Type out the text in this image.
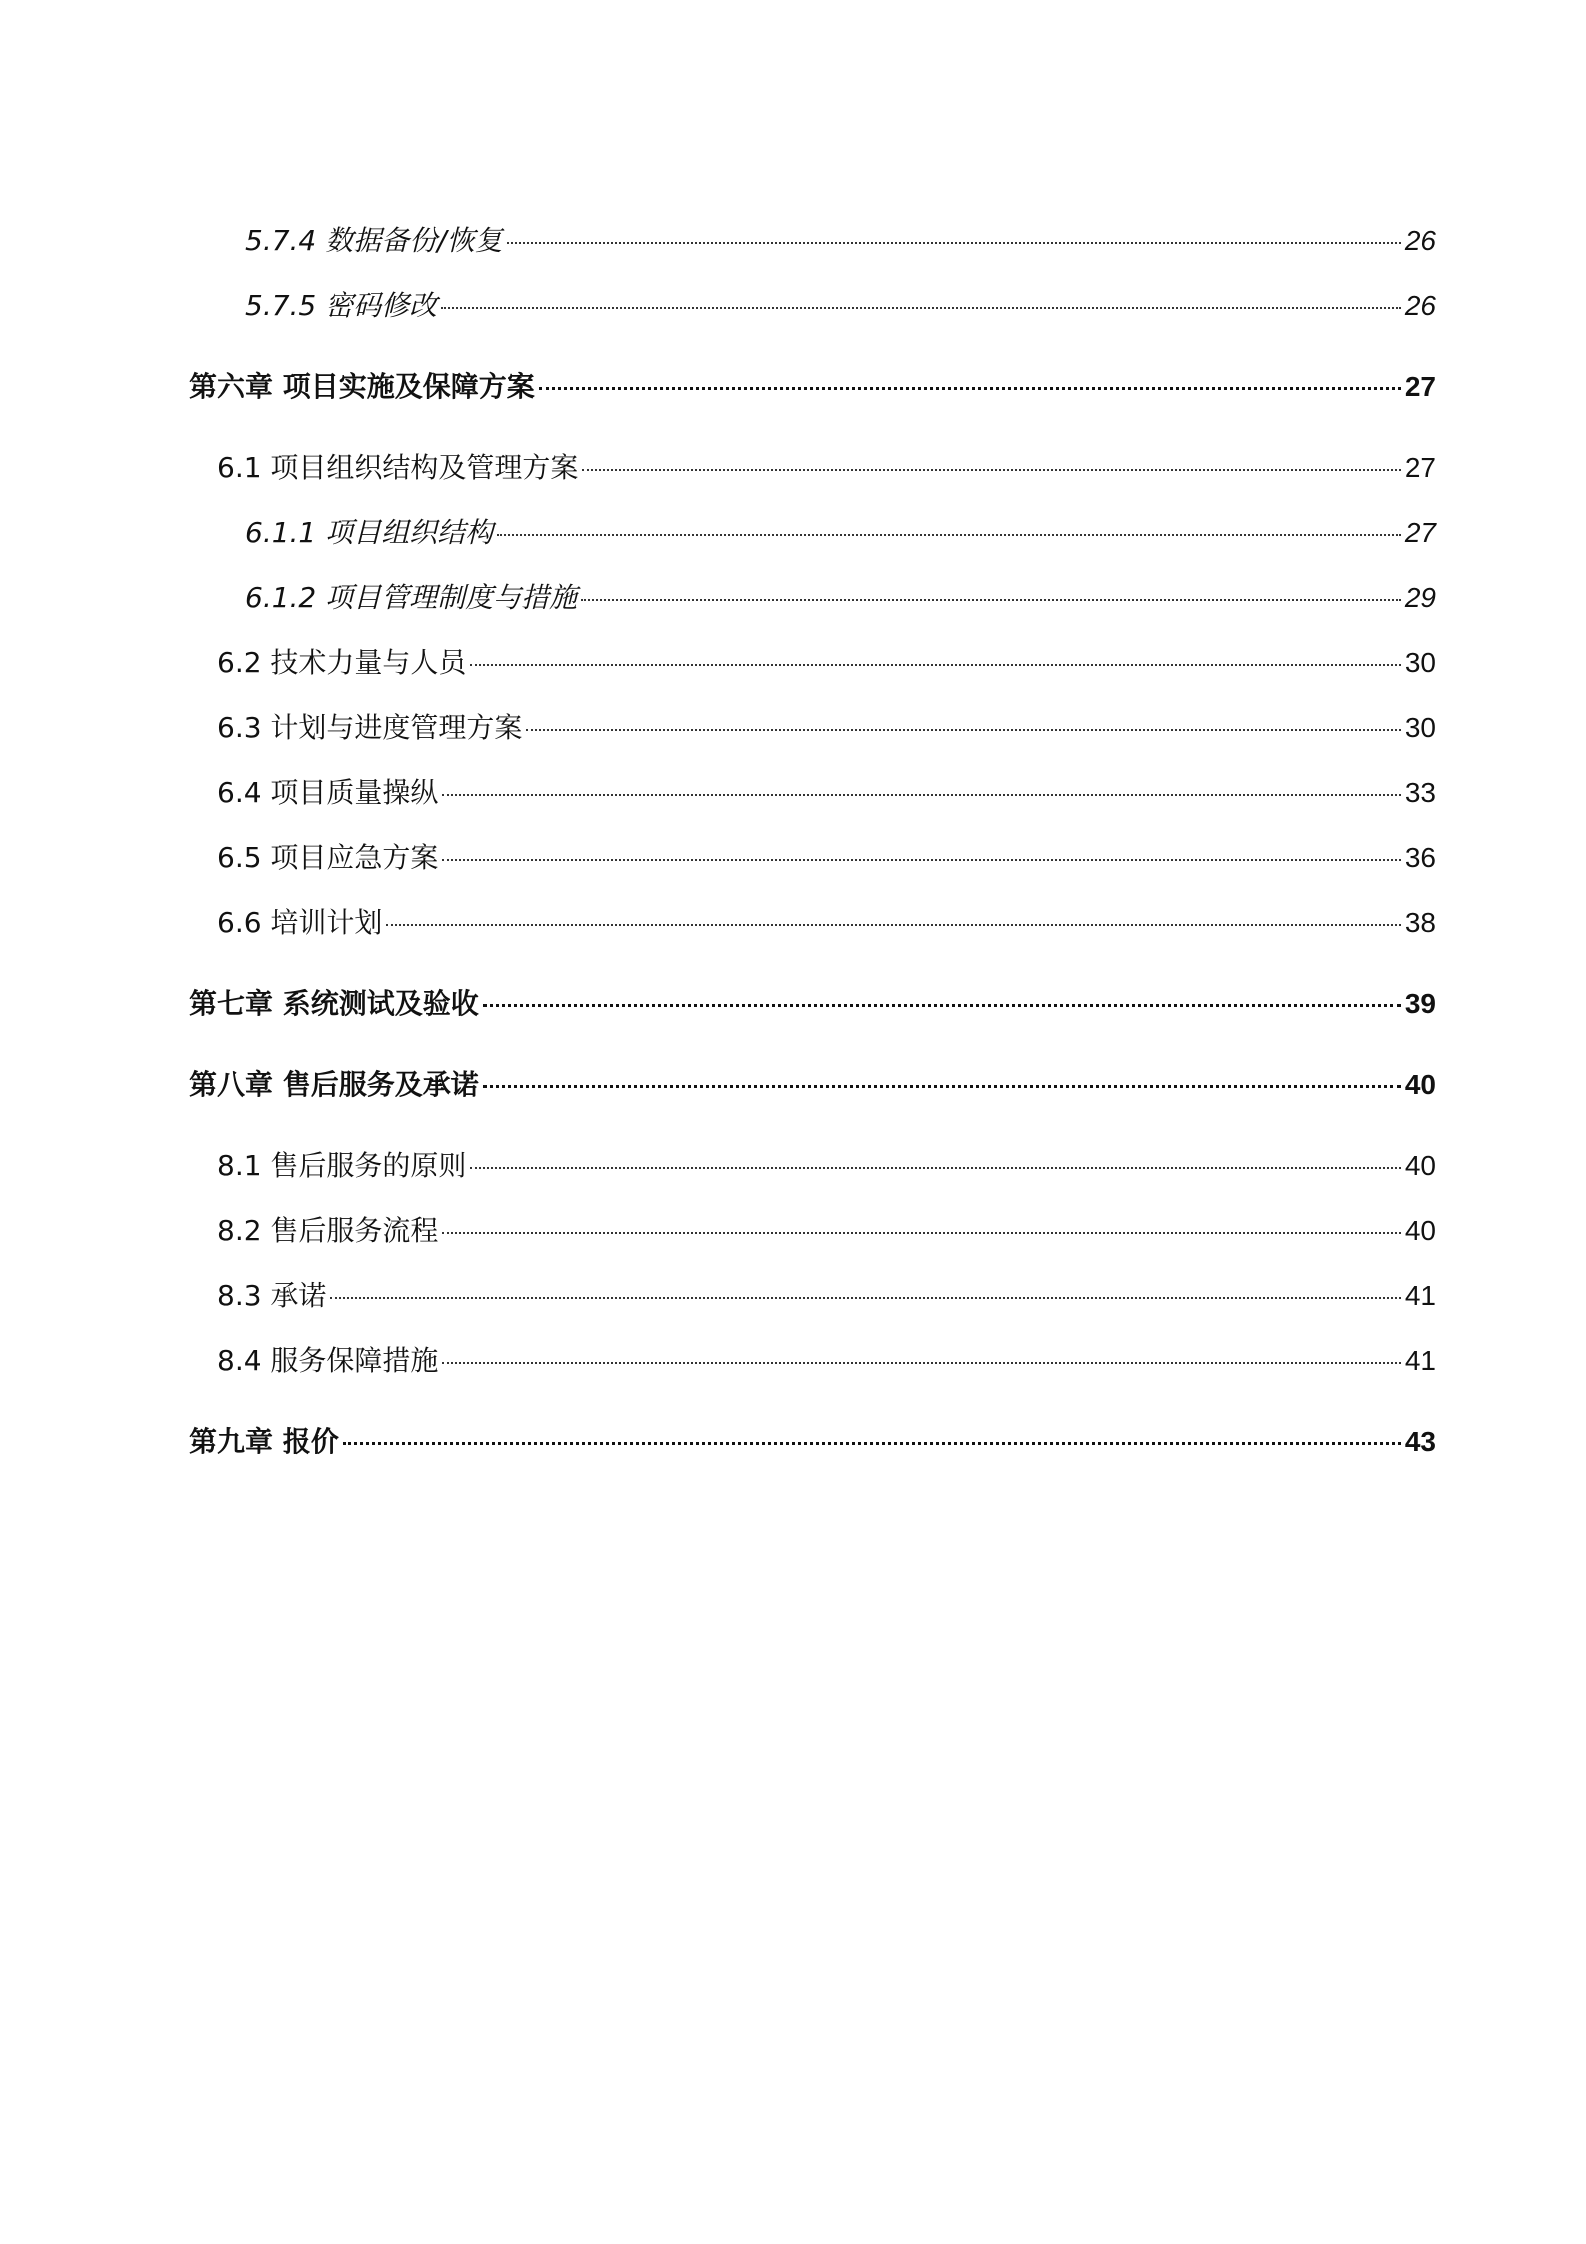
5.7.4 数据备份/恢复	26
5.7.5 密码修改	26
第六章 项目实施及保障方案	27
6.1 项目组织结构及管理方案	27
6.1.1 项目组织结构	27
6.1.2 项目管理制度与措施	29
6.2 技术力量与人员	30
6.3 计划与进度管理方案	30
6.4 项目质量操纵	33
6.5 项目应急方案	36
6.6 培训计划	38
第七章 系统测试及验收	39
第八章 售后服务及承诺	40
8.1 售后服务的原则	40
8.2 售后服务流程	40
8.3 承诺	41
8.4 服务保障措施	41
第九章 报价	43
